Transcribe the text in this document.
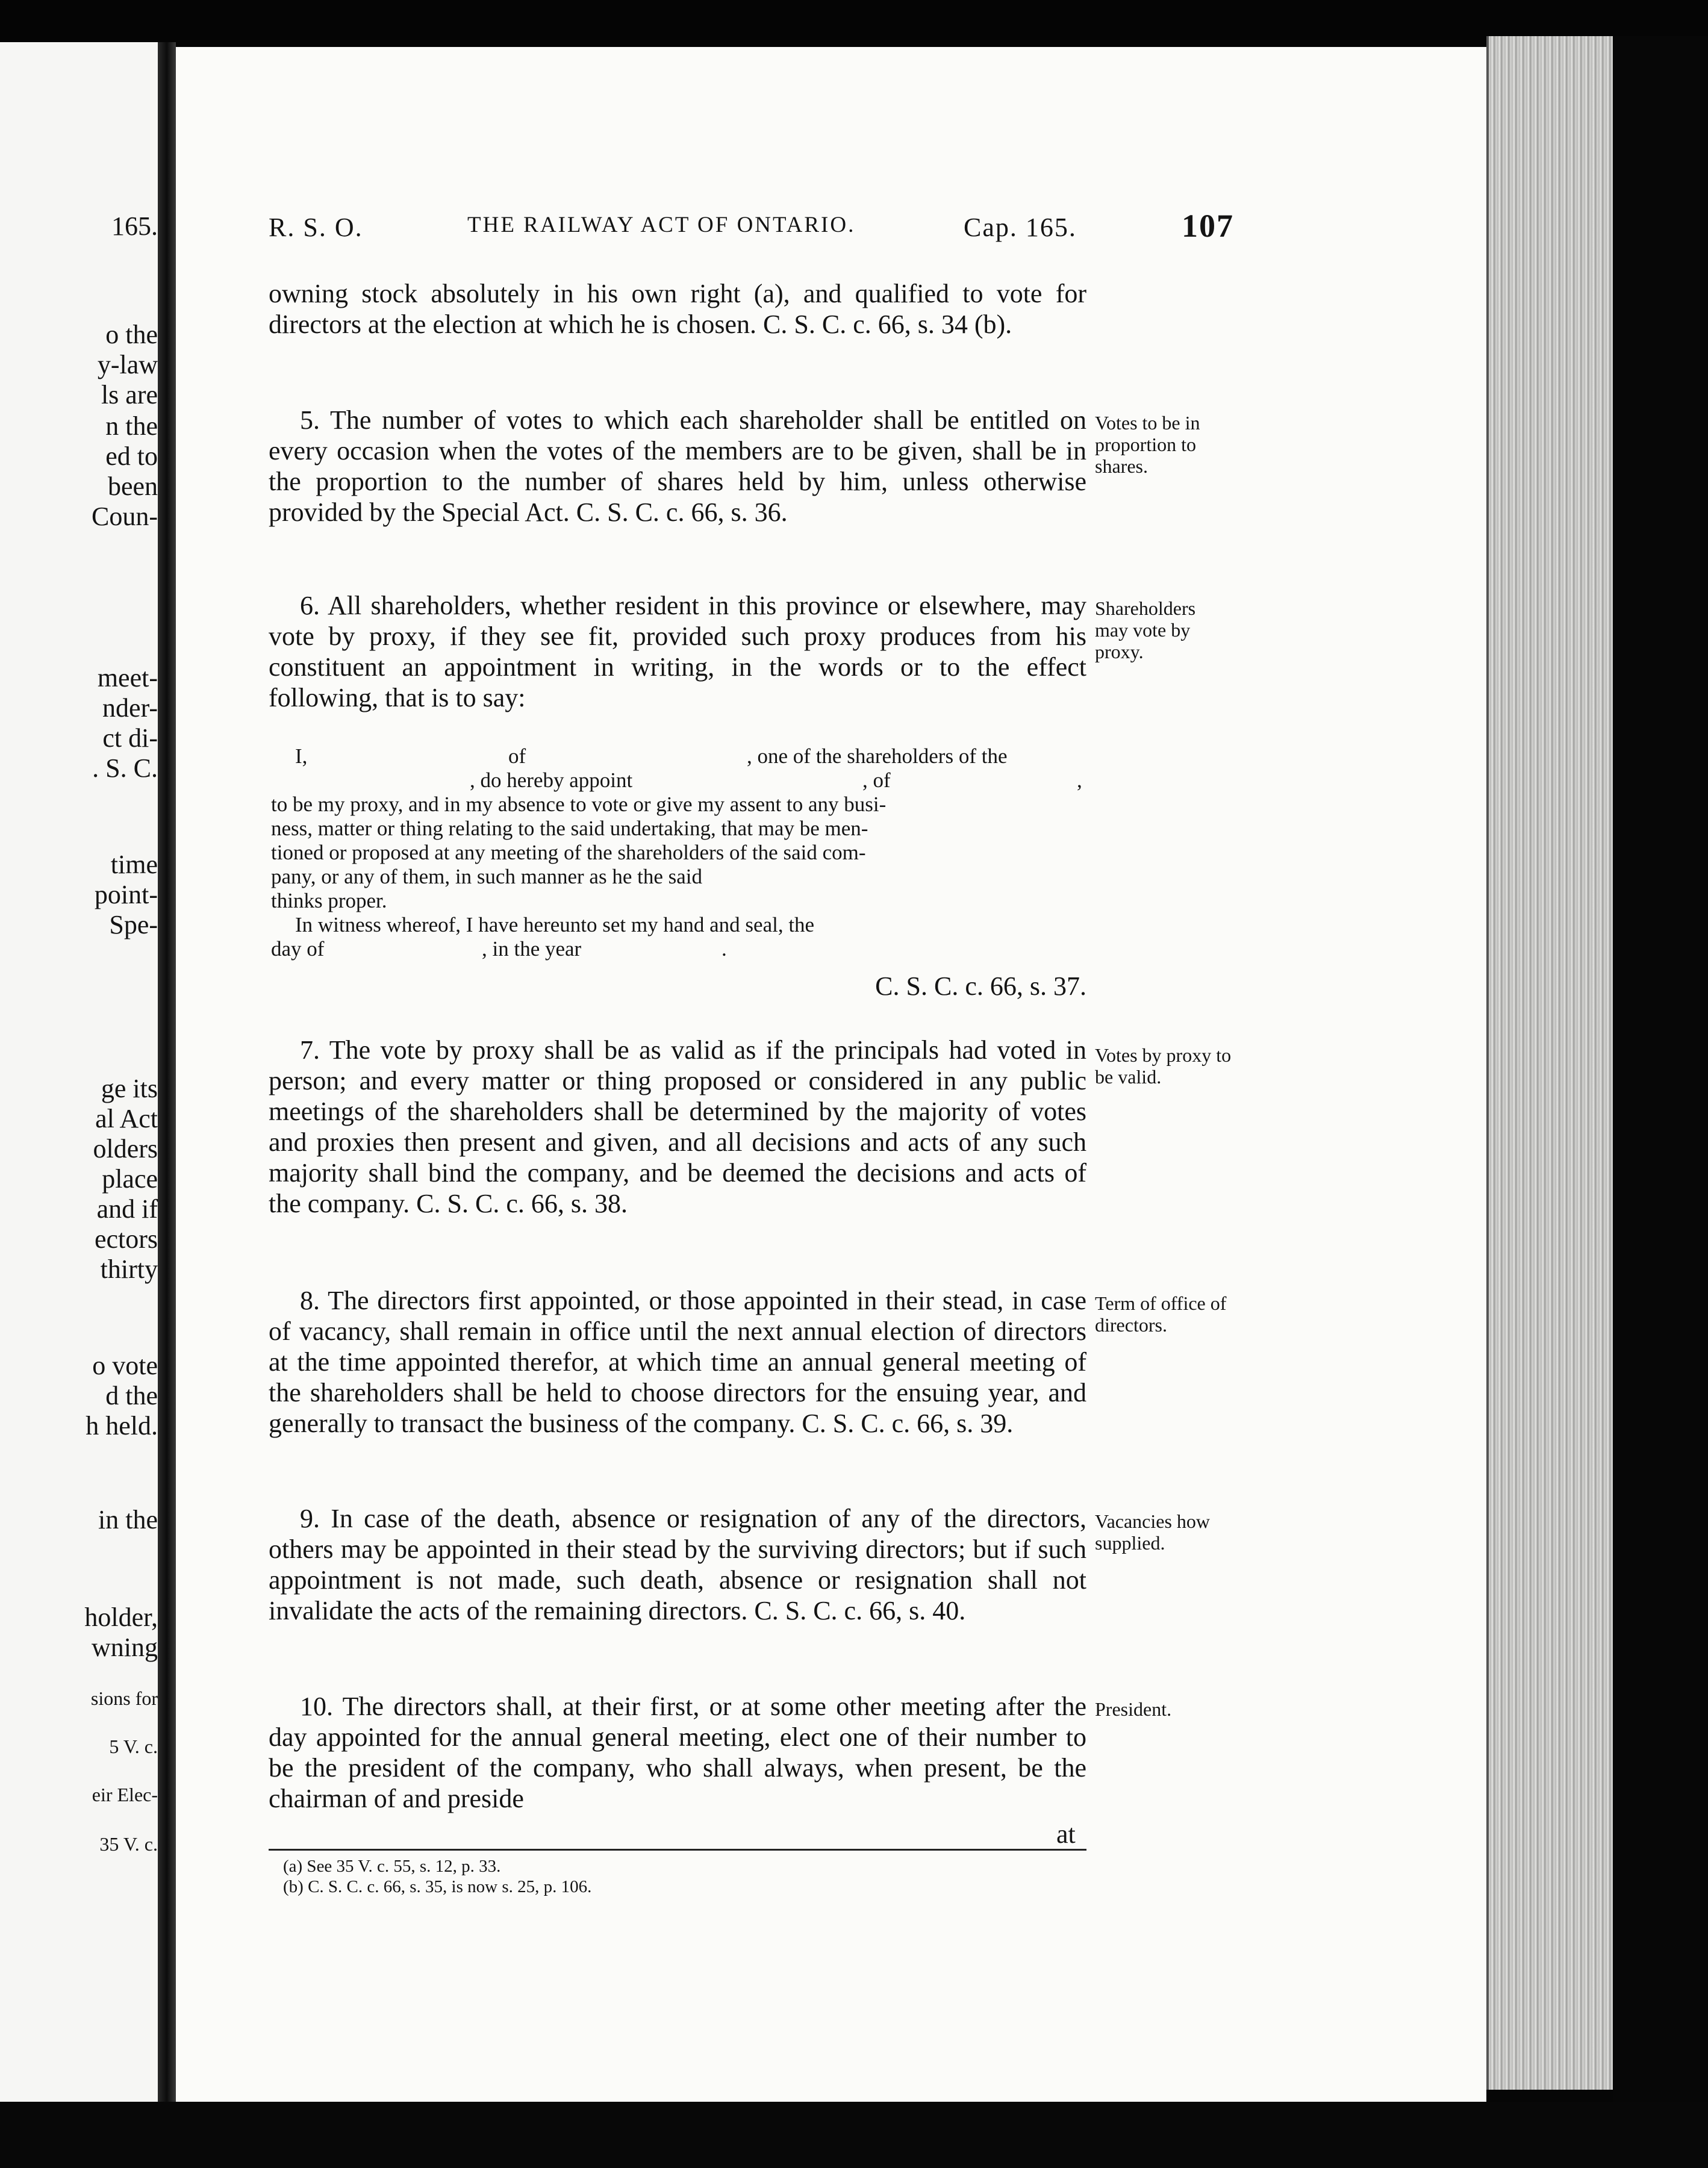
165.
o the
y-law
ls are
n the
ed to
been
Coun-
meet-
nder-
ct di-
. S. C.
time
point-
Spe-
ge its
al Act
olders
place
and if
ectors
thirty
o vote
d the
h held.
in the
holder,
wning
sions for
5 V. c.
eir Elec-
35 V. c.
R. S. O.	THE RAILWAY ACT OF ONTARIO.	Cap. 165.	107

owning stock absolutely in his own right (a), and qualified to vote for directors at the election at which he is chosen. C. S. C. c. 66, s. 34 (b).

5. The number of votes to which each shareholder shall be entitled on every occasion when the votes of the members are to be given, shall be in the proportion to the number of shares held by him, unless otherwise provided by the Special Act. C. S. C. c. 66, s. 36.

Votes to be in proportion to shares.

6. All shareholders, whether resident in this province or elsewhere, may vote by proxy, if they see fit, provided such proxy produces from his constituent an appointment in writing, in the words or to the effect following, that is to say:

Shareholders may vote by proxy.
I,	of	, one of the shareholders of the
, do hereby appoint	, of	,
to be my proxy, and in my absence to vote or give my assent to any busi-
ness, matter or thing relating to the said undertaking, that may be men-
tioned or proposed at any meeting of the shareholders of the said com-
pany, or any of them, in such manner as he the said
thinks proper.
In witness whereof, I have hereunto set my hand and seal, the
day of	, in the year	.
C. S. C. c. 66, s. 37.

7. The vote by proxy shall be as valid as if the principals had voted in person; and every matter or thing proposed or considered in any public meetings of the shareholders shall be determined by the majority of votes and proxies then present and given, and all decisions and acts of any such majority shall bind the company, and be deemed the decisions and acts of the company. C. S. C. c. 66, s. 38.

Votes by proxy to be valid.

8. The directors first appointed, or those appointed in their stead, in case of vacancy, shall remain in office until the next annual election of directors at the time appointed therefor, at which time an annual general meeting of the shareholders shall be held to choose directors for the ensuing year, and generally to transact the business of the company. C. S. C. c. 66, s. 39.

Term of office of directors.

9. In case of the death, absence or resignation of any of the directors, others may be appointed in their stead by the surviving directors; but if such appointment is not made, such death, absence or resignation shall not invalidate the acts of the remaining directors. C. S. C. c. 66, s. 40.

Vacancies how supplied.

10. The directors shall, at their first, or at some other meeting after the day appointed for the annual general meeting, elect one of their number to be the president of the company, who shall always, when present, be the chairman of and preside

at
President.
(a) See 35 V. c. 55, s. 12, p. 33.
(b) C. S. C. c. 66, s. 35, is now s. 25, p. 106.
